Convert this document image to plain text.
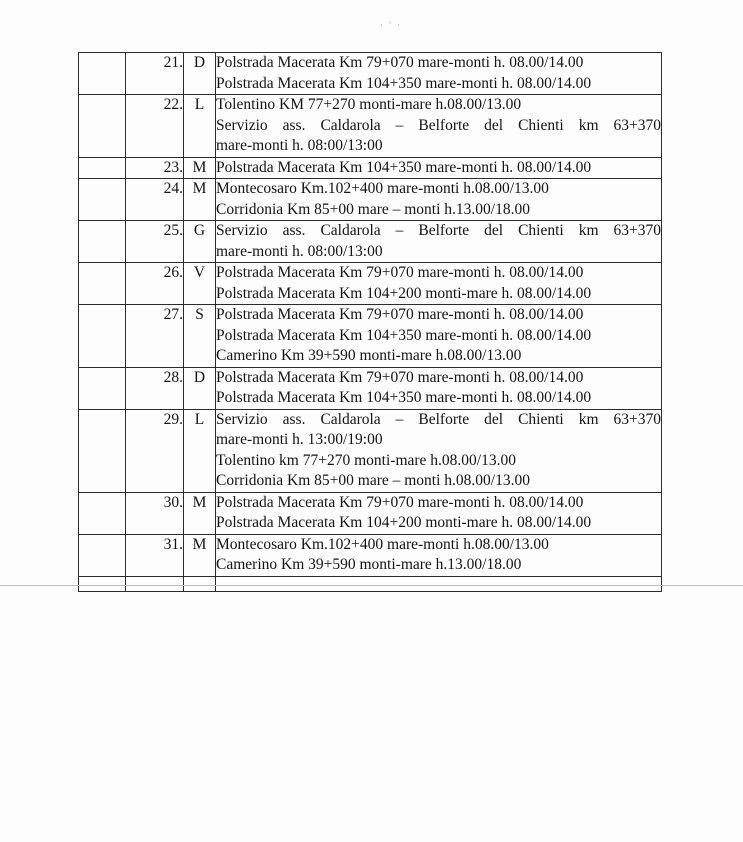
· ' ·
	21.	D	Polstrada Macerata Km 79+070 mare-monti h. 08.00/14.00
Polstrada Macerata Km 104+350 mare-monti h. 08.00/14.00

	22.	L	Tolentino KM 77+270 monti-mare h.08.00/13.00
Servizio ass. Caldarola – Belforte del Chienti km 63+370
mare-monti h. 08:00/13:00

	23.	M	Polstrada Macerata Km 104+350 mare-monti h. 08.00/14.00

	24.	M	Montecosaro Km.102+400 mare-monti h.08.00/13.00
Corridonia Km 85+00 mare – monti h.13.00/18.00

	25.	G	Servizio ass. Caldarola – Belforte del Chienti km 63+370
mare-monti h. 08:00/13:00

	26.	V	Polstrada Macerata Km 79+070 mare-monti h. 08.00/14.00
Polstrada Macerata Km 104+200 monti-mare h. 08.00/14.00

	27.	S	Polstrada Macerata Km 79+070 mare-monti h. 08.00/14.00
Polstrada Macerata Km 104+350 mare-monti h. 08.00/14.00
Camerino Km 39+590 monti-mare h.08.00/13.00

	28.	D	Polstrada Macerata Km 79+070 mare-monti h. 08.00/14.00
Polstrada Macerata Km 104+350 mare-monti h. 08.00/14.00

	29.	L	Servizio ass. Caldarola – Belforte del Chienti km 63+370
mare-monti h. 13:00/19:00
Tolentino km 77+270 monti-mare h.08.00/13.00
Corridonia Km 85+00 mare – monti h.08.00/13.00

	30.	M	Polstrada Macerata Km 79+070 mare-monti h. 08.00/14.00
Polstrada Macerata Km 104+200 monti-mare h. 08.00/14.00

	31.	M	Montecosaro Km.102+400 mare-monti h.08.00/13.00
Camerino Km 39+590 monti-mare h.13.00/18.00
